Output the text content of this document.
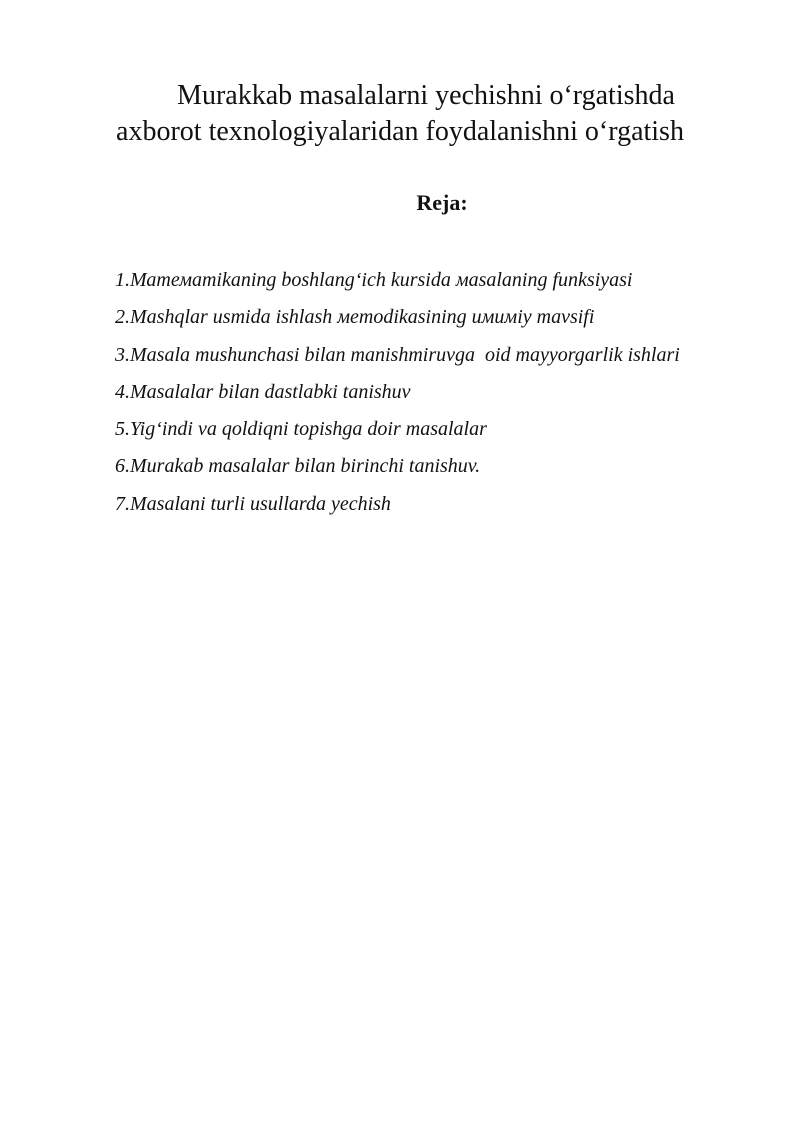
Murakkab masalalarni yechishni o‘rgatishda
axborot texnologiyalaridan foydalanishni o‘rgatish
Reja:
1.Матемamikaning boshlang‘ich kursida мasalaning funksiyasi
2.Mashqlar usmida ishlash меmodikasining имимiy mavsifi
3.Masala mushunchasi bilan manishmiruvga  oid mayyorgarlik ishlari
4.Masalalar bilan dastlabki tanishuv
5.Yig‘indi va qoldiqni topishga doir masalalar
6.Murakab masalalar bilan birinchi tanishuv.
7.Masalani turli usullarda yechish
